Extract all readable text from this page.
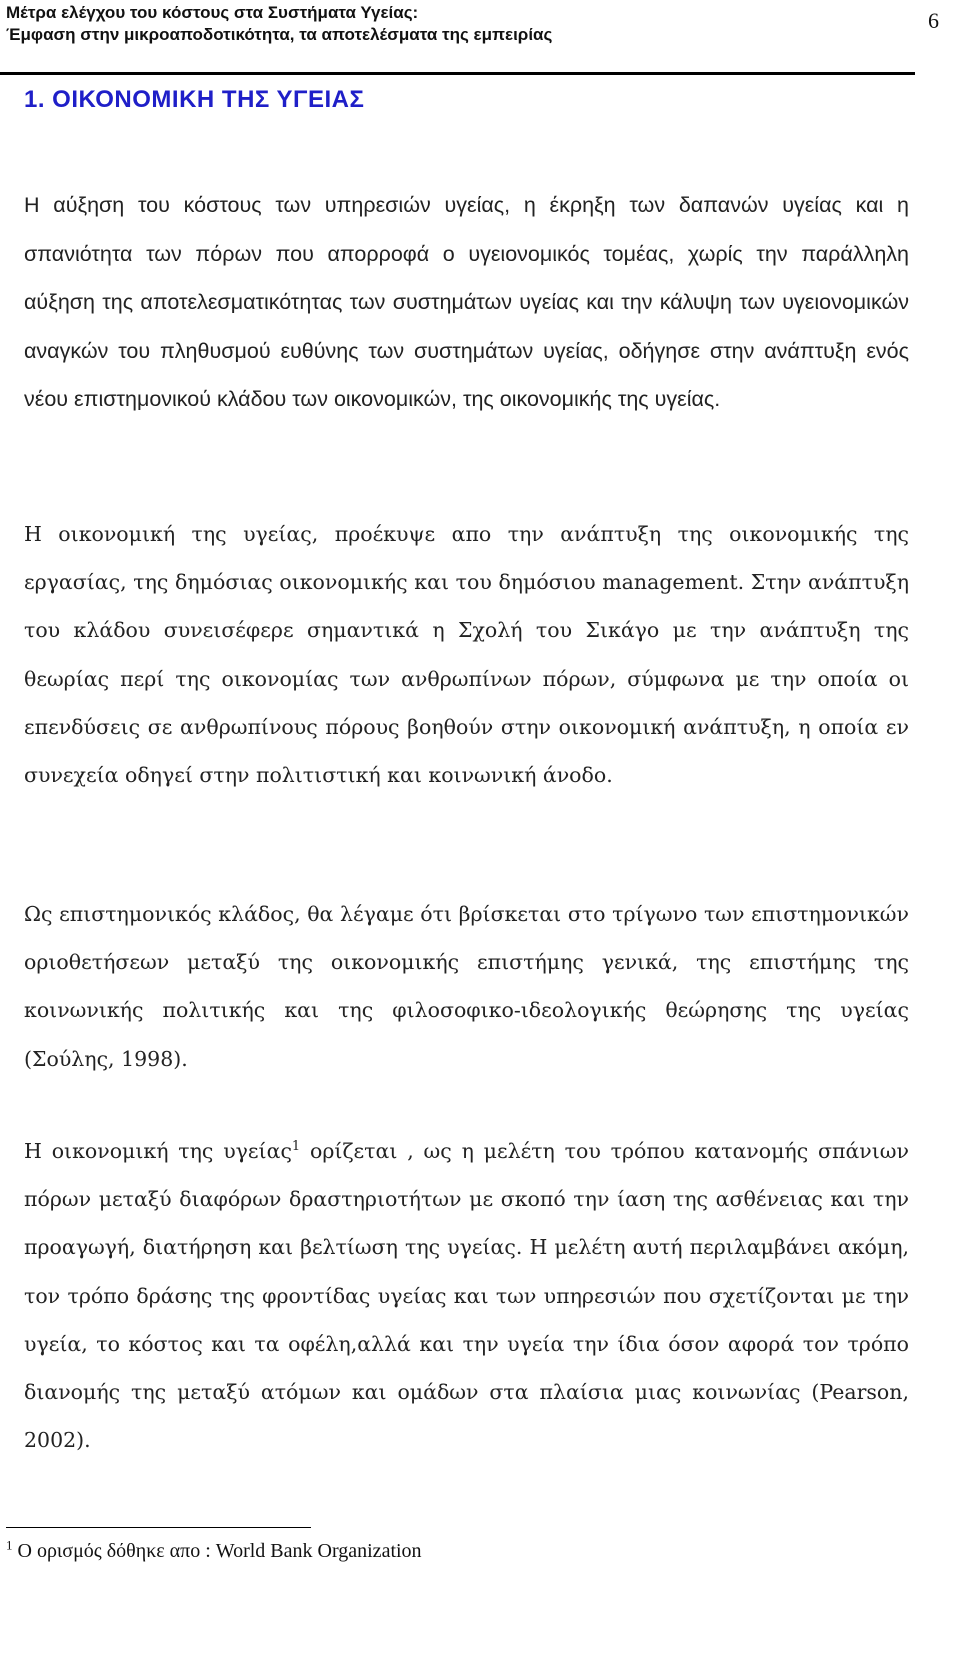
Μέτρα ελέγχου του κόστους στα Συστήματα Υγείας:
Έμφαση στην μικροαποδοτικότητα, τα αποτελέσματα της εμπειρίας
6
1. ΟΙΚΟΝΟΜΙΚΗ ΤΗΣ ΥΓΕΙΑΣ

Η αύξηση του κόστους των υπηρεσιών υγείας, η έκρηξη των δαπανών υγείας και η σπανιότητα των πόρων που απορροφά ο υγειονομικός τομέας, χωρίς την παράλληλη αύξηση της αποτελεσματικότητας των συστημάτων υγείας και την κάλυψη των υγειονομικών αναγκών του πληθυσμού ευθύνης των συστημάτων υγείας, οδήγησε στην ανάπτυξη ενός νέου επιστημονικού κλάδου των οικονομικών, της οικονομικής της υγείας.

Η οικονομική της υγείας, προέκυψε απο την ανάπτυξη της οικονομικής της εργασίας, της δημόσιας οικονομικής και του δημόσιου management. Στην ανάπτυξη του κλάδου συνεισέφερε σημαντικά η Σχολή του Σικάγο με την ανάπτυξη της θεωρίας περί της οικονομίας των ανθρωπίνων πόρων, σύμφωνα με την οποία οι επενδύσεις σε ανθρωπίνους πόρους βοηθούν στην οικονομική ανάπτυξη, η οποία εν συνεχεία οδηγεί στην πολιτιστική και κοινωνική άνοδο.

Ως επιστημονικός κλάδος, θα λέγαμε ότι βρίσκεται στο τρίγωνο των επιστημονικών οριοθετήσεων μεταξύ της οικονομικής επιστήμης γενικά, της επιστήμης της κοινωνικής πολιτικής και της φιλοσοφικο-ιδεολογικής θεώρησης της υγείας (Σούλης, 1998).

Η οικονομική της υγείας$^1$ ορίζεται , ως η μελέτη του τρόπου κατανομής σπάνιων πόρων μεταξύ διαφόρων δραστηριοτήτων με σκοπό την ίαση της ασθένειας και την προαγωγή, διατήρηση και βελτίωση της υγείας. Η μελέτη αυτή περιλαμβάνει ακόμη, τον τρόπο δράσης της φροντίδας υγείας και των υπηρεσιών που σχετίζονται με την υγεία, το κόστος και τα οφέλη,αλλά και την υγεία την ίδια όσον αφορά τον τρόπο διανομής της μεταξύ ατόμων και ομάδων στα πλαίσια μιας κοινωνίας (Pearson, 2002).

$^1$ Ο ορισμός δόθηκε απο : World Bank Organization
